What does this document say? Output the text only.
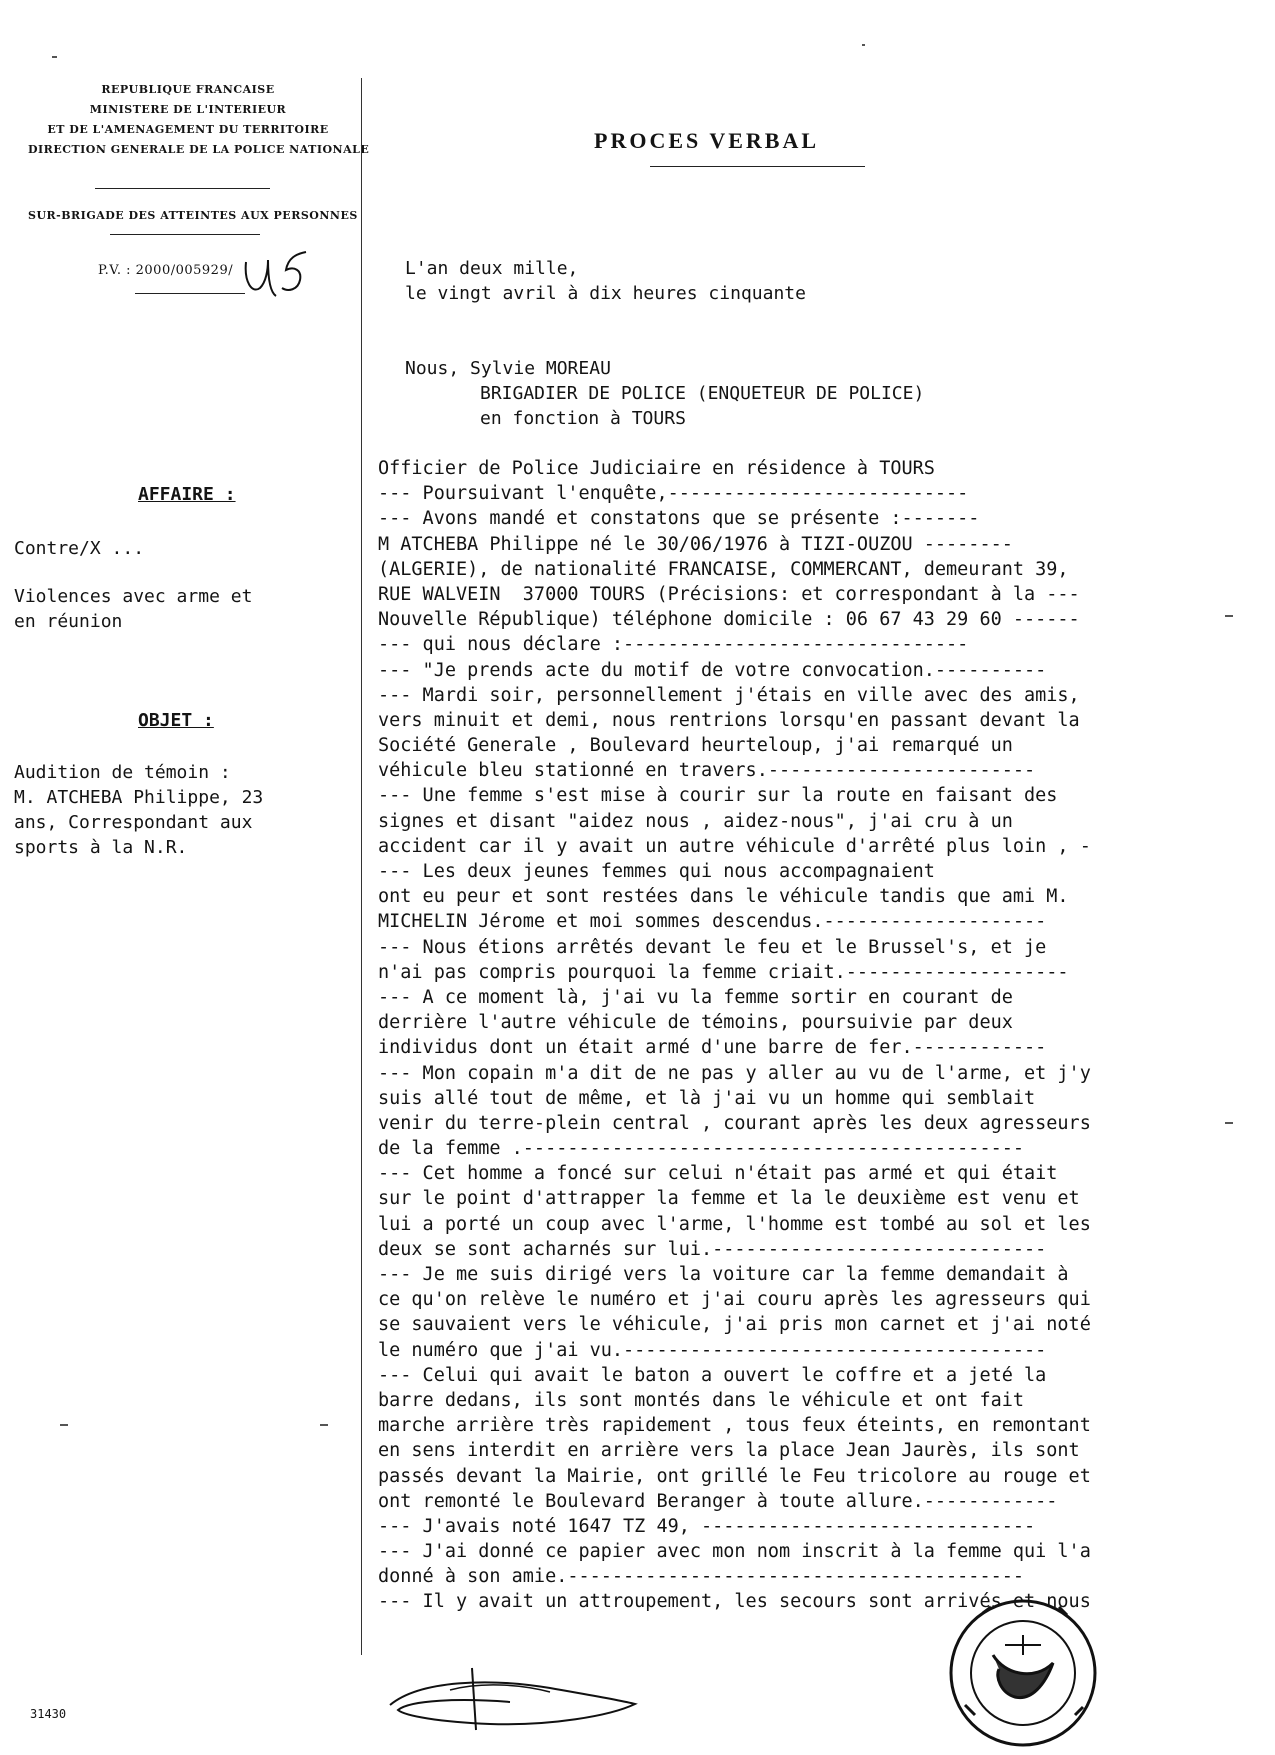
REPUBLIQUE FRANCAISE
MINISTERE DE L'INTERIEUR
ET DE L'AMENAGEMENT DU TERRITOIRE
DIRECTION GENERALE DE LA POLICE NATIONALE
SUR-BRIGADE DES ATTEINTES AUX PERSONNES
P.V. : 2000/005929/
PROCES VERBAL
L'an deux mille,
le vingt avril à dix heures cinquante
Nous, Sylvie MOREAU
BRIGADIER DE POLICE (ENQUETEUR DE POLICE)
en fonction à TOURS
AFFAIRE :
Contre/X ...
Violences avec arme et
en réunion
OBJET :
Audition de témoin :
M. ATCHEBA Philippe, 23
ans, Correspondant aux
sports à la N.R.
Officier de Police Judiciaire en résidence à TOURS
--- Poursuivant l'enquête,---------------------------
--- Avons mandé et constatons que se présente :-------
M ATCHEBA Philippe né le 30/06/1976 à TIZI-OUZOU --------
(ALGERIE), de nationalité FRANCAISE, COMMERCANT, demeurant 39,
RUE WALVEIN  37000 TOURS (Précisions: et correspondant à la ---
Nouvelle République) téléphone domicile : 06 67 43 29 60 ------
--- qui nous déclare :-------------------------------
--- "Je prends acte du motif de votre convocation.----------
--- Mardi soir, personnellement j'étais en ville avec des amis,
vers minuit et demi, nous rentrions lorsqu'en passant devant la
Société Generale , Boulevard heurteloup, j'ai remarqué un
véhicule bleu stationné en travers.------------------------
--- Une femme s'est mise à courir sur la route en faisant des
signes et disant "aidez nous , aidez-nous", j'ai cru à un
accident car il y avait un autre véhicule d'arrêté plus loin , -
--- Les deux jeunes femmes qui nous accompagnaient
ont eu peur et sont restées dans le véhicule tandis que ami M.
MICHELIN Jérome et moi sommes descendus.--------------------
--- Nous étions arrêtés devant le feu et le Brussel's, et je
n'ai pas compris pourquoi la femme criait.--------------------
--- A ce moment là, j'ai vu la femme sortir en courant de
derrière l'autre véhicule de témoins, poursuivie par deux
individus dont un était armé d'une barre de fer.------------
--- Mon copain m'a dit de ne pas y aller au vu de l'arme, et j'y
suis allé tout de même, et là j'ai vu un homme qui semblait
venir du terre-plein central , courant après les deux agresseurs
de la femme .---------------------------------------------
--- Cet homme a foncé sur celui n'était pas armé et qui était
sur le point d'attrapper la femme et la le deuxième est venu et
lui a porté un coup avec l'arme, l'homme est tombé au sol et les
deux se sont acharnés sur lui.------------------------------
--- Je me suis dirigé vers la voiture car la femme demandait à
ce qu'on relève le numéro et j'ai couru après les agresseurs qui
se sauvaient vers le véhicule, j'ai pris mon carnet et j'ai noté
le numéro que j'ai vu.--------------------------------------
--- Celui qui avait le baton a ouvert le coffre et a jeté la
barre dedans, ils sont montés dans le véhicule et ont fait
marche arrière très rapidement , tous feux éteints, en remontant
en sens interdit en arrière vers la place Jean Jaurès, ils sont
passés devant la Mairie, ont grillé le Feu tricolore au rouge et
ont remonté le Boulevard Beranger à toute allure.------------
--- J'avais noté 1647 TZ 49, ------------------------------
--- J'ai donné ce papier avec mon nom inscrit à la femme qui l'a
donné à son amie.-----------------------------------------
--- Il y avait un attroupement, les secours sont arrivés et nous
31430
